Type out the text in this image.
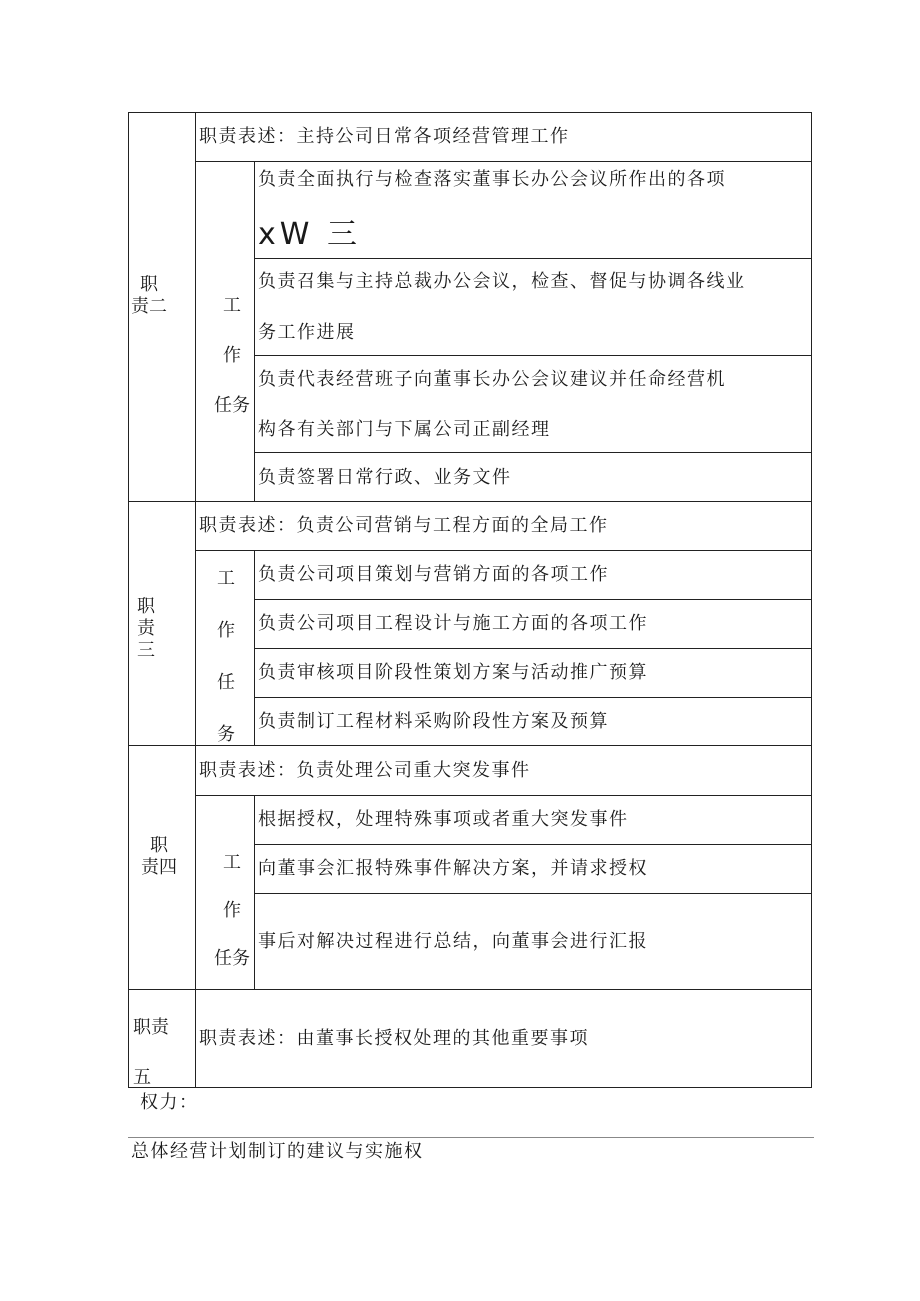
职
责二
职责表述：主持公司日常各项经营管理工作
工
作
任务
负责全面执行与检查落实董事长办公会议所作出的各项
xW 三
负责召集与主持总裁办公会议，检查、督促与协调各线业
务工作进展
负责代表经营班子向董事长办公会议建议并任命经营机
构各有关部门与下属公司正副经理
负责签署日常行政、业务文件
职
责三
职责表述：负责公司营销与工程方面的全局工作
工
作
任
务
负责公司项目策划与营销方面的各项工作
负责公司项目工程设计与施工方面的各项工作
负责审核项目阶段性策划方案与活动推广预算
负责制订工程材料采购阶段性方案及预算
职
责四
职责表述：负责处理公司重大突发事件
工
作
任务
根据授权，处理特殊事项或者重大突发事件
向董事会汇报特殊事件解决方案，并请求授权
事后对解决过程进行总结，向董事会进行汇报
职责
五
职责表述：由董事长授权处理的其他重要事项
权力：
总体经营计划制订的建议与实施权
